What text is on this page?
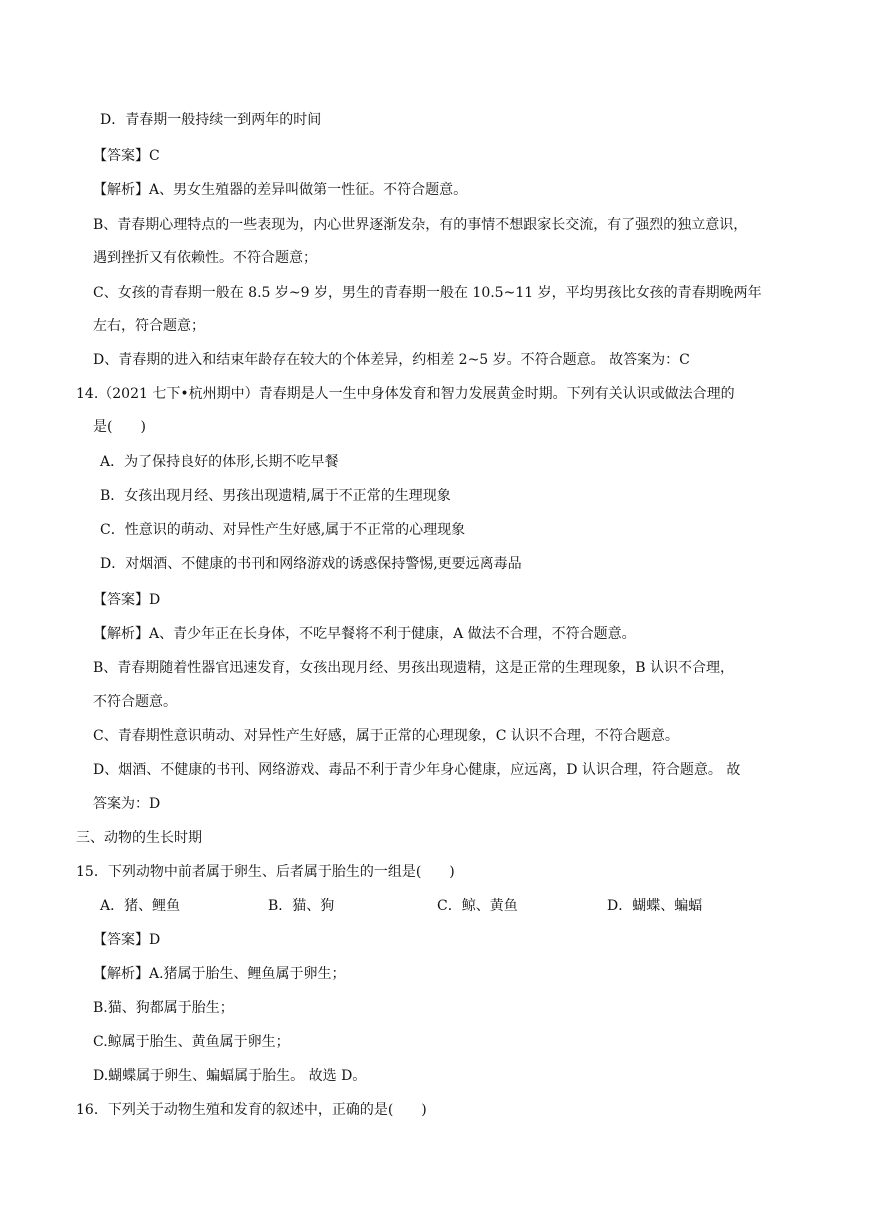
D．青春期一般持续一到两年的时间
【答案】C
【解析】A、男女生殖器的差异叫做第一性征。不符合题意。
B、青春期心理特点的一些表现为，内心世界逐渐发杂，有的事情不想跟家长交流，有了强烈的独立意识，
遇到挫折又有依赖性。不符合题意；
C、女孩的青春期一般在 8.5 岁~9 岁，男生的青春期一般在 10.5~11 岁，平均男孩比女孩的青春期晚两年
左右，符合题意；
D、青春期的进入和结束年龄存在较大的个体差异，约相差 2~5 岁。不符合题意。 故答案为：C
14.（2021 七下•杭州期中）青春期是人一生中身体发育和智力发展黄金时期。下列有关认识或做法合理的
是(　　)
A．为了保持良好的体形,长期不吃早餐
B．女孩出现月经、男孩出现遗精,属于不正常的生理现象
C．性意识的萌动、对异性产生好感,属于不正常的心理现象
D．对烟酒、不健康的书刊和网络游戏的诱惑保持警惕,更要远离毒品
【答案】D
【解析】A、青少年正在长身体，不吃早餐将不利于健康，A 做法不合理，不符合题意。
B、青春期随着性器官迅速发育，女孩出现月经、男孩出现遗精，这是正常的生理现象，B 认识不合理，
不符合题意。
C、青春期性意识萌动、对异性产生好感，属于正常的心理现象，C 认识不合理，不符合题意。
D、烟酒、不健康的书刊、网络游戏、毒品不利于青少年身心健康，应远离，D 认识合理，符合题意。 故
答案为：D
三、动物的生长时期
15．下列动物中前者属于卵生、后者属于胎生的一组是(　　)
A．猪、鲤鱼	B．猫、狗	C．鲸、黄鱼	D．蝴蝶、蝙蝠
【答案】D
【解析】A.猪属于胎生、鲤鱼属于卵生；
B.猫、狗都属于胎生；
C.鲸属于胎生、黄鱼属于卵生；
D.蝴蝶属于卵生、蝙蝠属于胎生。 故选 D。
16．下列关于动物生殖和发育的叙述中，正确的是(　　)
